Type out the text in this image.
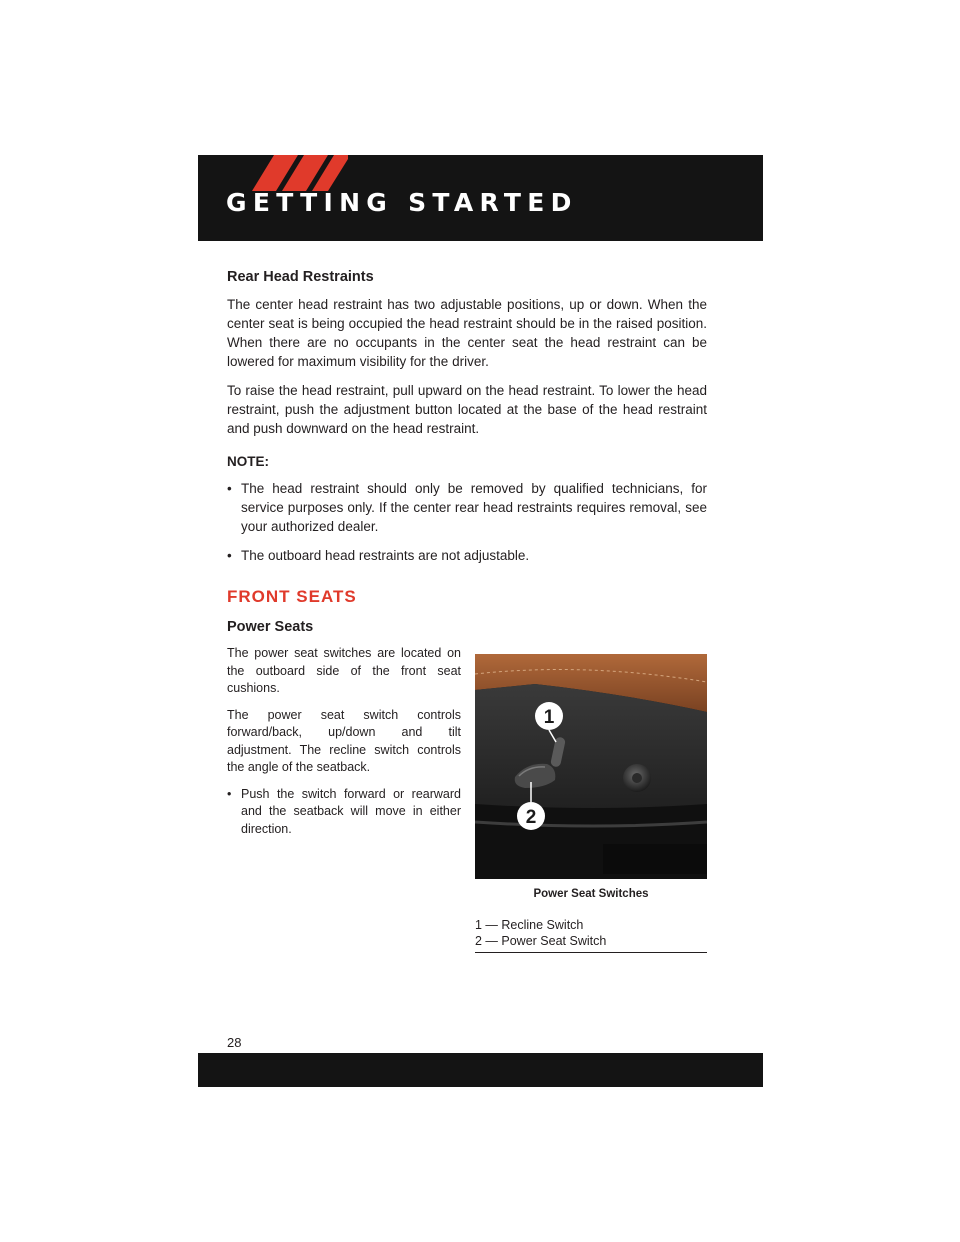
GETTING STARTED
Rear Head Restraints

The center head restraint has two adjustable positions, up or down. When the center seat is being occupied the head restraint should be in the raised position. When there are no occupants in the center seat the head restraint can be lowered for maximum visibility for the driver.

To raise the head restraint, pull upward on the head restraint. To lower the head restraint, push the adjustment button located at the base of the head restraint and push downward on the head restraint.

NOTE:
• The head restraint should only be removed by qualified technicians, for service purposes only. If the center rear head restraints requires removal, see your authorized dealer.
• The outboard head restraints are not adjustable.
FRONT SEATS
Power Seats

The power seat switches are located on the outboard side of the front seat cushions.

The power seat switch controls forward/back, up/down and tilt adjustment. The recline switch controls the angle of the seatback.

• Push the switch forward or rearward and the seatback will move in either direction.
1
2
Power Seat Switches
1 — Recline Switch
2 — Power Seat Switch
28
